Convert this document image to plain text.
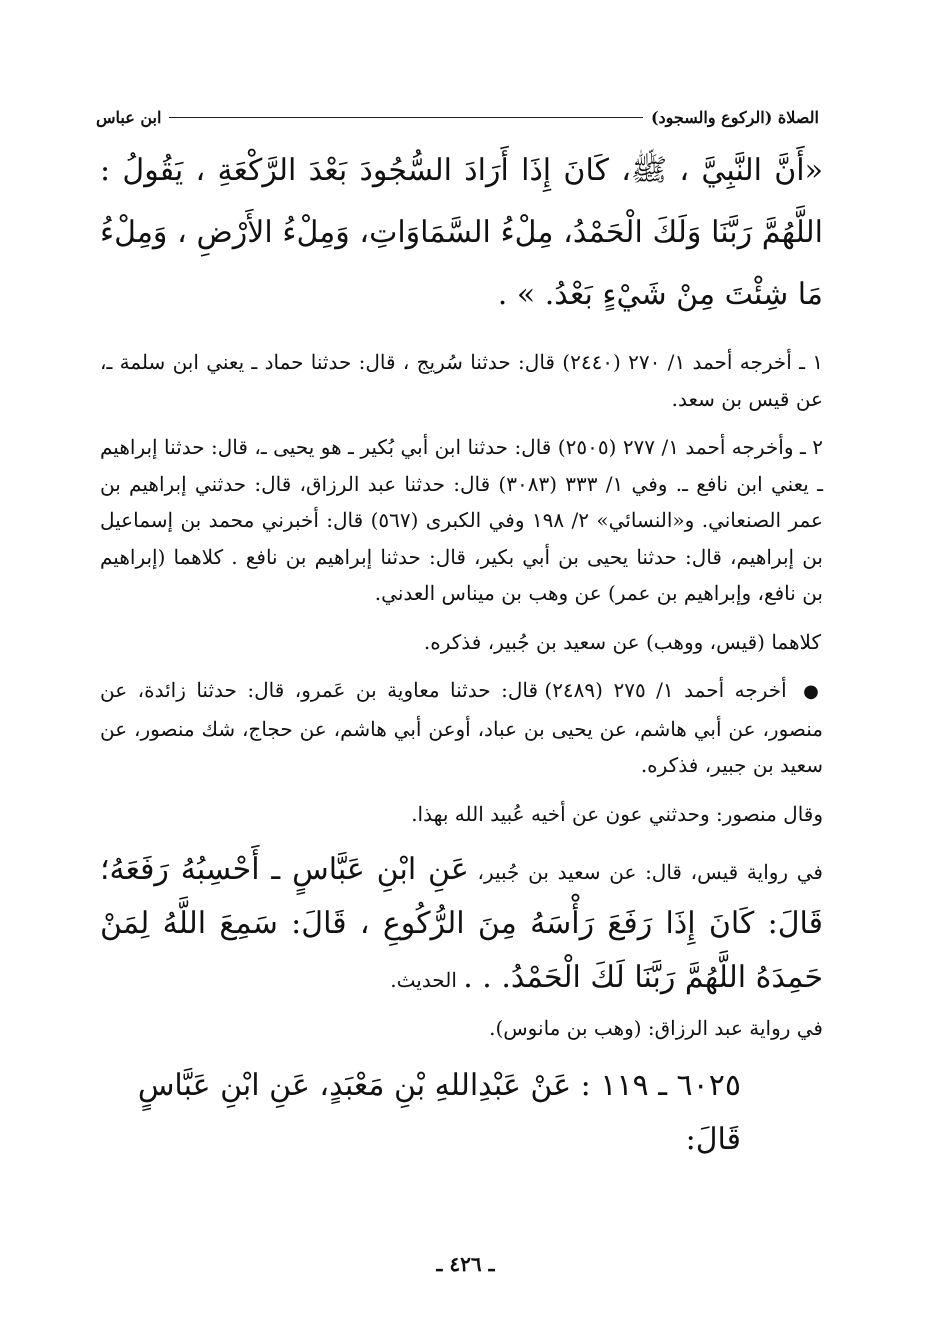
الصلاة (الركوع والسجود)
ابن عباس

«أَنَّ النَّبِيَّ ، ﷺ، كَانَ إِذَا أَرَادَ السُّجُودَ بَعْدَ الرَّكْعَةِ ، يَقُولُ : اللَّهُمَّ رَبَّنَا وَلَكَ الْحَمْدُ، مِلْءُ السَّمَاوَاتِ، وَمِلْءُ الأَرْضِ ، وَمِلْءُ مَا شِئْتَ مِنْ شَيْءٍ بَعْدُ. » .

١ ـ أخرجه أحمد ١/ ٢٧٠ (٢٤٤٠) قال: حدثنا سُريج ، قال: حدثنا حماد ـ يعني ابن سلمة ـ، عن قيس بن سعد.

٢ ـ وأخرجه أحمد ١/ ٢٧٧ (٢٥٠٥) قال: حدثنا ابن أبي بُكير ـ هو يحيى ـ، قال: حدثنا إبراهيم ـ يعني ابن نافع ـ. وفي ١/ ٣٣٣ (٣٠٨٣) قال: حدثنا عبد الرزاق، قال: حدثني إبراهيم بن عمر الصنعاني. و«النسائي» ٢/ ١٩٨ وفي الكبرى (٥٦٧) قال: أخبرني محمد بن إسماعيل بن إبراهيم، قال: حدثنا يحيى بن أبي بكير، قال: حدثنا إبراهيم بن نافع . كلاهما (إبراهيم بن نافع، وإبراهيم بن عمر) عن وهب بن ميناس العدني.

كلاهما (قيس، ووهب) عن سعيد بن جُبير، فذكره.

● أخرجه أحمد ١/ ٢٧٥ (٢٤٨٩) قال: حدثنا معاوية بن عَمرو، قال: حدثنا زائدة، عن منصور، عن أبي هاشم، عن يحيى بن عباد، أوعن أبي هاشم، عن حجاج، شك منصور، عن سعيد بن جبير، فذكره.

وقال منصور: وحدثني عون عن أخيه عُبيد الله بهذا.

في رواية قيس، قال: عن سعيد بن جُبير، عَنِ ابْنِ عَبَّاسٍ ـ أَحْسِبُهُ رَفَعَهُ؛ قَالَ: كَانَ إِذَا رَفَعَ رَأْسَهُ مِنَ الرُّكُوعِ ، قَالَ: سَمِعَ اللَّهُ لِمَنْ حَمِدَهُ اللَّهُمَّ رَبَّنَا لَكَ الْحَمْدُ. . . الحديث.

في رواية عبد الرزاق: (وهب بن مانوس).

٦٠٢٥ ـ ١١٩ : عَنْ عَبْدِاللهِ بْنِ مَعْبَدٍ، عَنِ ابْنِ عَبَّاسٍ قَالَ:

ـ ٤٢٦ ـ
